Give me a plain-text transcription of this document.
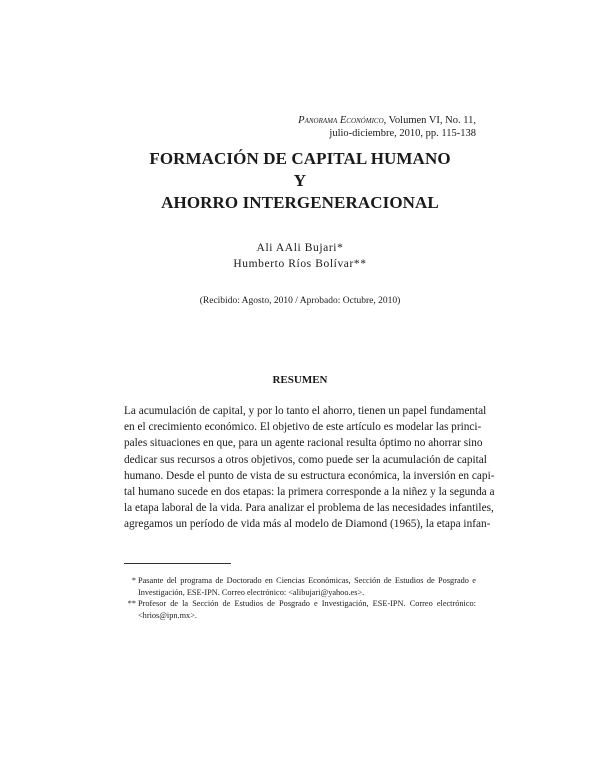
Panorama Económico, Volumen VI, No. 11,
julio-diciembre, 2010, pp. 115-138
FORMACIÓN DE CAPITAL HUMANO
Y
AHORRO INTERGENERACIONAL
Ali AAli Bujari*
Humberto Ríos Bolívar**
(Recibido: Agosto, 2010 / Aprobado: Octubre, 2010)
RESUMEN
La acumulación de capital, y por lo tanto el ahorro, tienen un papel fundamental
en el crecimiento económico. El objetivo de este artículo es modelar las princi-
pales situaciones en que, para un agente racional resulta óptimo no ahorrar sino
dedicar sus recursos a otros objetivos, como puede ser la acumulación de capital
humano. Desde el punto de vista de su estructura económica, la inversión en capi-
tal humano sucede en dos etapas: la primera corresponde a la niñez y la segunda a
la etapa laboral de la vida. Para analizar el problema de las necesidades infantiles,
agregamos un período de vida más al modelo de Diamond (1965), la etapa infan-
* Pasante del programa de Doctorado en Ciencias Económicas, Sección de Estudios de Posgrado e
Investigación, ESE-IPN. Correo electrónico: <alibujari@yahoo.es>.
** Profesor de la Sección de Estudios de Posgrado e Investigación, ESE-IPN. Correo electrónico:
<hrios@ipn.mx>.
